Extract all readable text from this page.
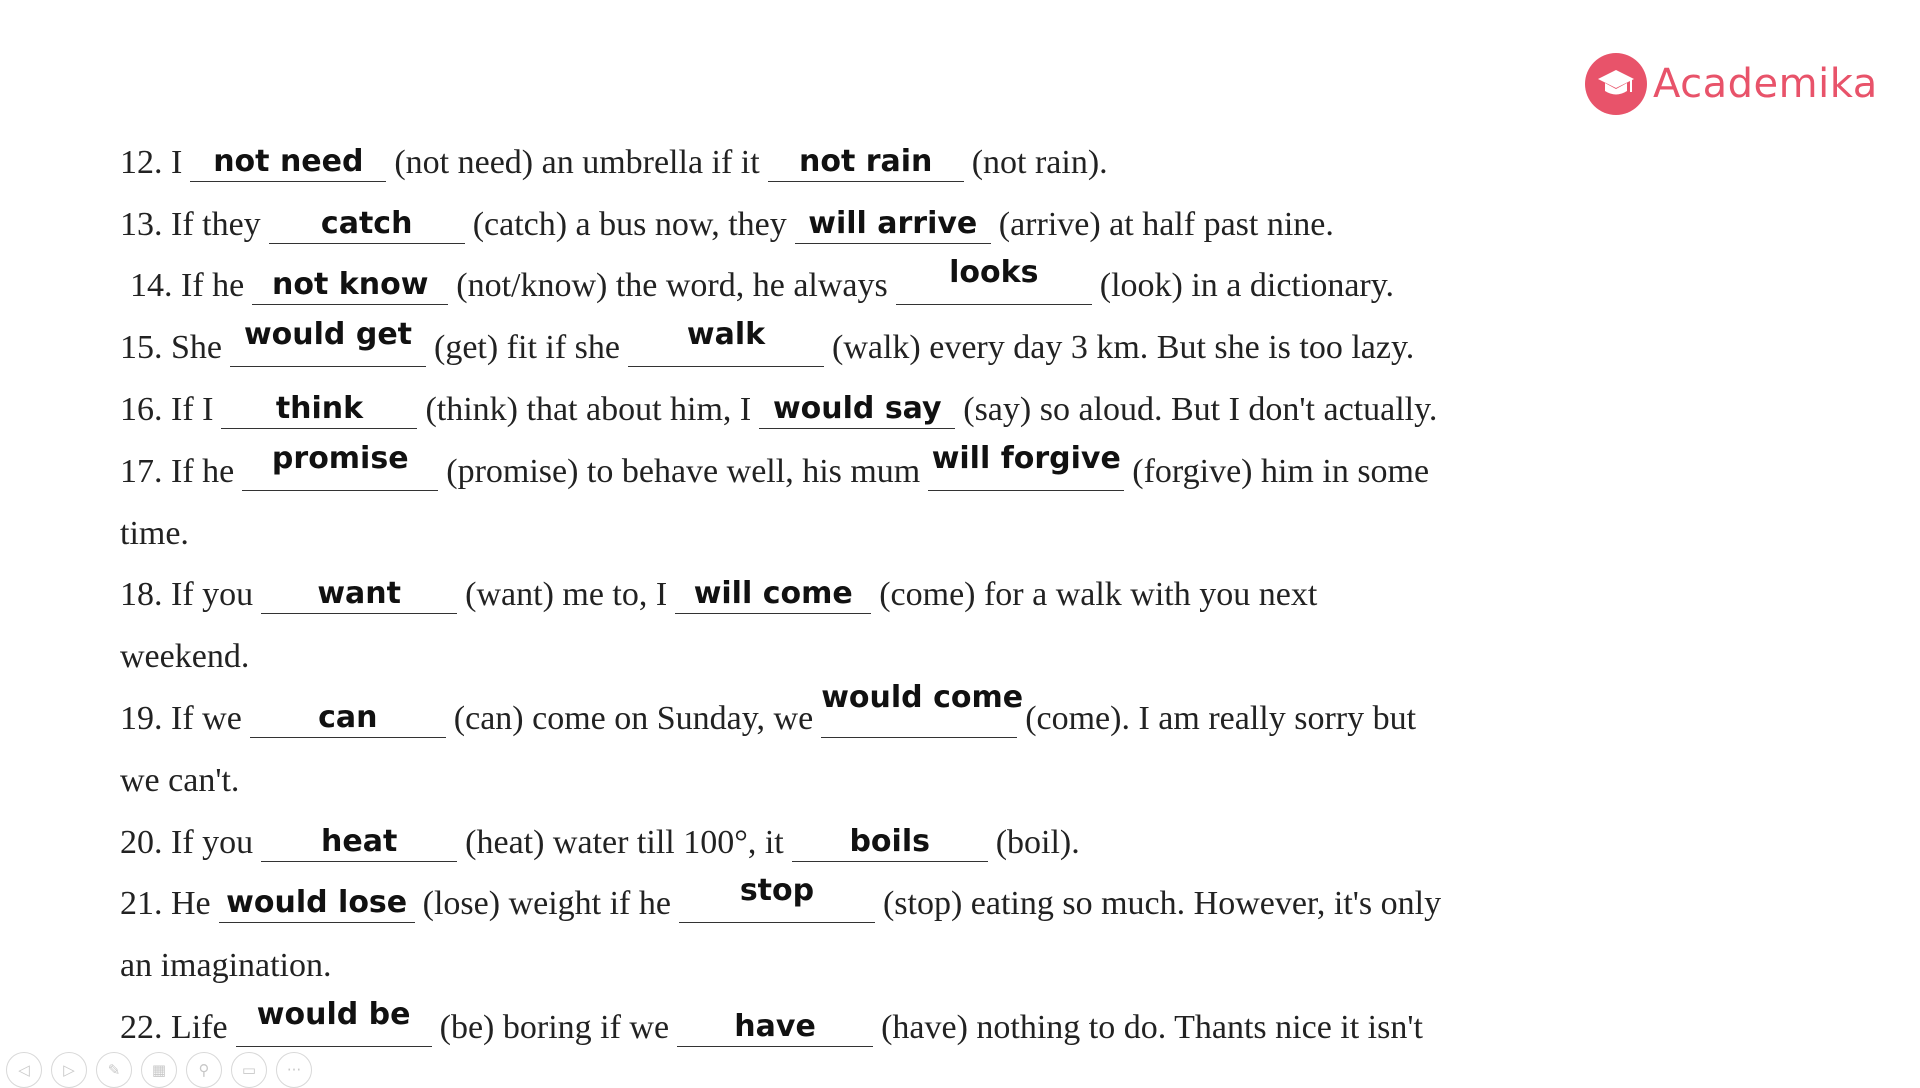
Academika
12. I	not need (not need) an umbrella if it	not rain	(not rain).
13. If they	catch	(catch) a bus now, they will arrive (arrive) at half past nine.
14. If he not know (not/know) the word, he always	looks	(look) in a dictionary.
15. She would get (get) fit if she	walk	(walk) every day 3 km. But she is too lazy.
16. If I	think	(think) that about him, I would say (say) so aloud. But I don't actually.
17. If he	promise	(promise) to behave well, his mum will forgive (forgive) him in some
time.
18. If you	want	(want) me to, I will come (come) for a walk with you next
weekend.
19. If we	can	(can) come on Sunday, we
would come
(come). I am really sorry but
we can't.
20. If you	heat	(heat) water till 100°, it	boils	(boil).
21. He would lose (lose) weight if he	stop	(stop) eating so much. However, it's only
an imagination.
22. Life would be (be) boring if we	have	(have) nothing to do. Thants nice it isn't
◁	▷	✎	▦	⚲	▭	···
